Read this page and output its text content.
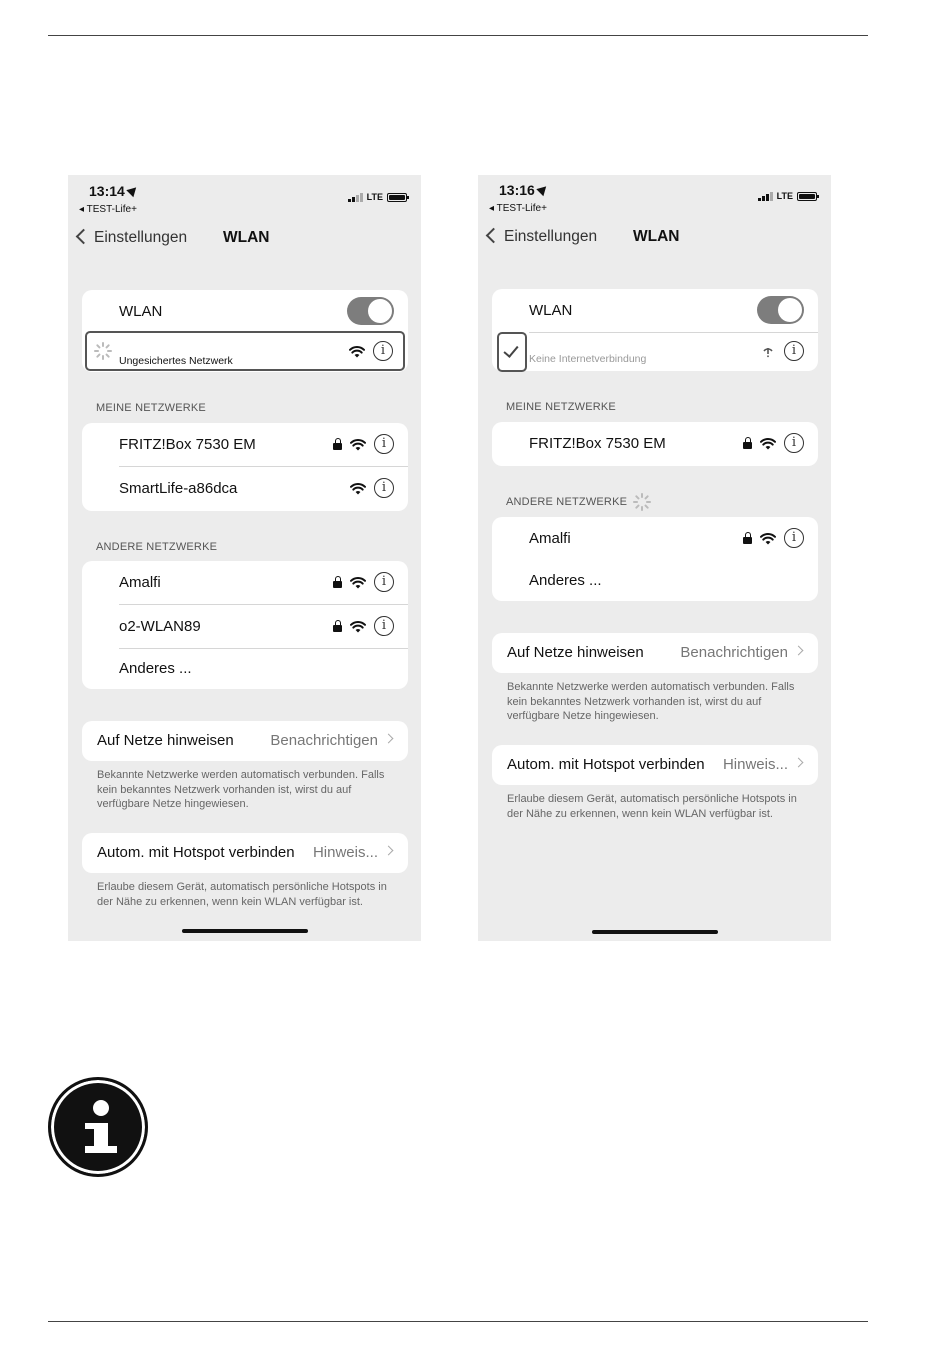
13:14
◂ TEST-Life+
LTE
Einstellungen WLAN
WLAN
Ungesichertes Netzwerk
i
MEINE NETZWERKE
FRITZ!Box 7530 EM	i
SmartLife-a86dca	i
ANDERE NETZWERKE
Amalfi	i
o2-WLAN89	i
Anderes ...
Auf Netze hinweisen Benachrichtigen
Bekannte Netzwerke werden automatisch verbunden. Falls kein bekanntes Netzwerk vorhanden ist, wirst du auf verfügbare Netze hingewiesen.
Autom. mit Hotspot verbinden Hinweis...
Erlaube diesem Gerät, automatisch persönliche Hotspots in der Nähe zu erkennen, wenn kein WLAN verfügbar ist.
13:16
◂ TEST-Life+
LTE
Einstellungen WLAN
WLAN
Keine Internetverbindung
i
MEINE NETZWERKE
FRITZ!Box 7530 EM	i
ANDERE NETZWERKE
Amalfi	i
Anderes ...
Auf Netze hinweisen Benachrichtigen
Bekannte Netzwerke werden automatisch verbunden. Falls kein bekanntes Netzwerk vorhanden ist, wirst du auf verfügbare Netze hingewiesen.
Autom. mit Hotspot verbinden Hinweis...
Erlaube diesem Gerät, automatisch persönliche Hotspots in der Nähe zu erkennen, wenn kein WLAN verfügbar ist.
